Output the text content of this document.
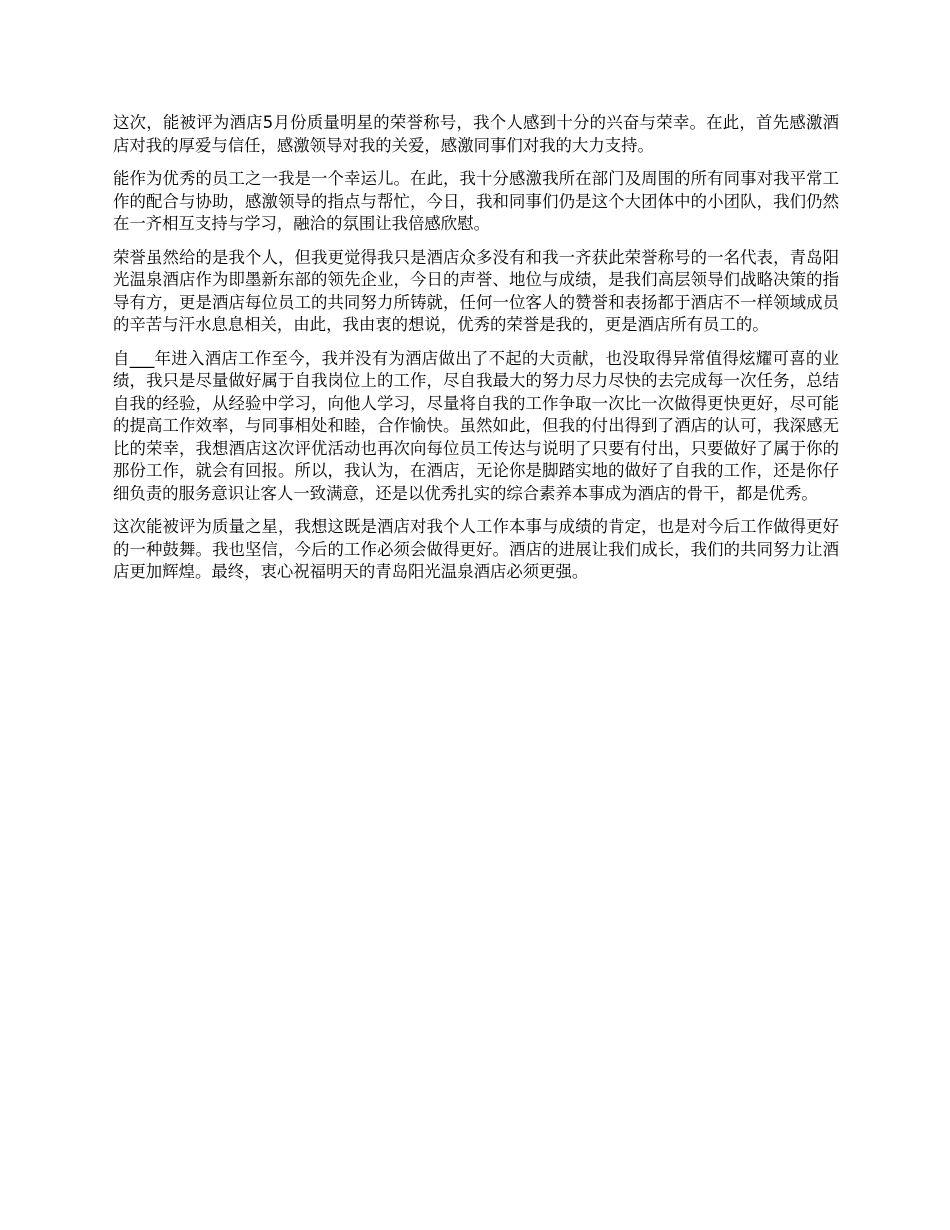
这次，能被评为酒店5月份质量明星的荣誉称号，我个人感到十分的兴奋与荣幸。在此，首先感激酒店对我的厚爱与信任，感激领导对我的关爱，感激同事们对我的大力支持。

能作为优秀的员工之一我是一个幸运儿。在此，我十分感激我所在部门及周围的所有同事对我平常工作的配合与协助，感激领导的指点与帮忙，今日，我和同事们仍是这个大团体中的小团队，我们仍然在一齐相互支持与学习，融洽的氛围让我倍感欣慰。

荣誉虽然给的是我个人，但我更觉得我只是酒店众多没有和我一齐获此荣誉称号的一名代表，青岛阳光温泉酒店作为即墨新东部的领先企业，今日的声誉、地位与成绩，是我们高层领导们战略决策的指导有方，更是酒店每位员工的共同努力所铸就，任何一位客人的赞誉和表扬都于酒店不一样领域成员的辛苦与汗水息息相关，由此，我由衷的想说，优秀的荣誉是我的，更是酒店所有员工的。

自___年进入酒店工作至今，我并没有为酒店做出了不起的大贡献，也没取得异常值得炫耀可喜的业绩，我只是尽量做好属于自我岗位上的工作，尽自我最大的努力尽力尽快的去完成每一次任务，总结自我的经验，从经验中学习，向他人学习，尽量将自我的工作争取一次比一次做得更快更好，尽可能的提高工作效率，与同事相处和睦，合作愉快。虽然如此，但我的付出得到了酒店的认可，我深感无比的荣幸，我想酒店这次评优活动也再次向每位员工传达与说明了只要有付出，只要做好了属于你的那份工作，就会有回报。所以，我认为，在酒店，无论你是脚踏实地的做好了自我的工作，还是你仔细负责的服务意识让客人一致满意，还是以优秀扎实的综合素养本事成为酒店的骨干，都是优秀。

这次能被评为质量之星，我想这既是酒店对我个人工作本事与成绩的肯定，也是对今后工作做得更好的一种鼓舞。我也坚信，今后的工作必须会做得更好。酒店的进展让我们成长，我们的共同努力让酒店更加辉煌。最终，衷心祝福明天的青岛阳光温泉酒店必须更强。
